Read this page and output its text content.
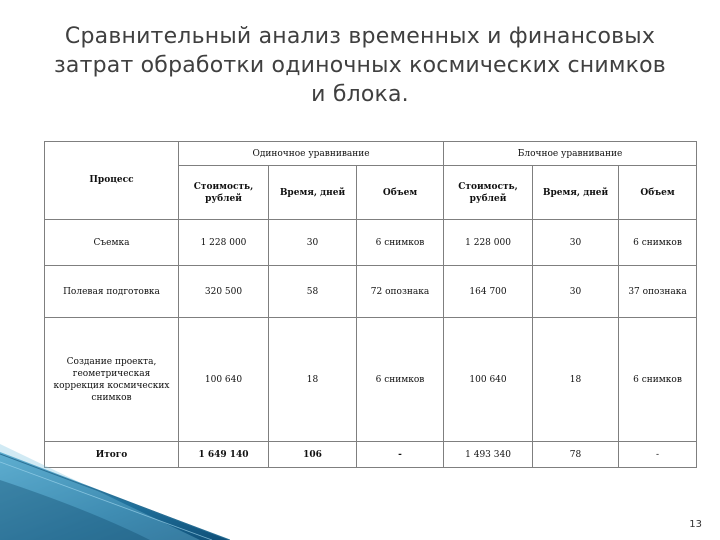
Сравнительный анализ временных и финансовых
затрат обработки одиночных космических снимков
и блока.
Процесс	Одиночное уравнивание			Блочное уравнивание		
	Стоимость, рублей	Время, дней	Объем	Стоимость, рублей	Время, дней	Объем
Съемка	1 228 000	30	6 снимков	1 228 000	30	6 снимков
Полевая подготовка	320 500	58	72 опознака	164 700	30	37 опознака
Создание проекта, геометрическая коррекция космических снимков	100 640	18	6 снимков	100 640	18	6 снимков
Итого	1 649 140	106	-	1 493 340	78	-
13
